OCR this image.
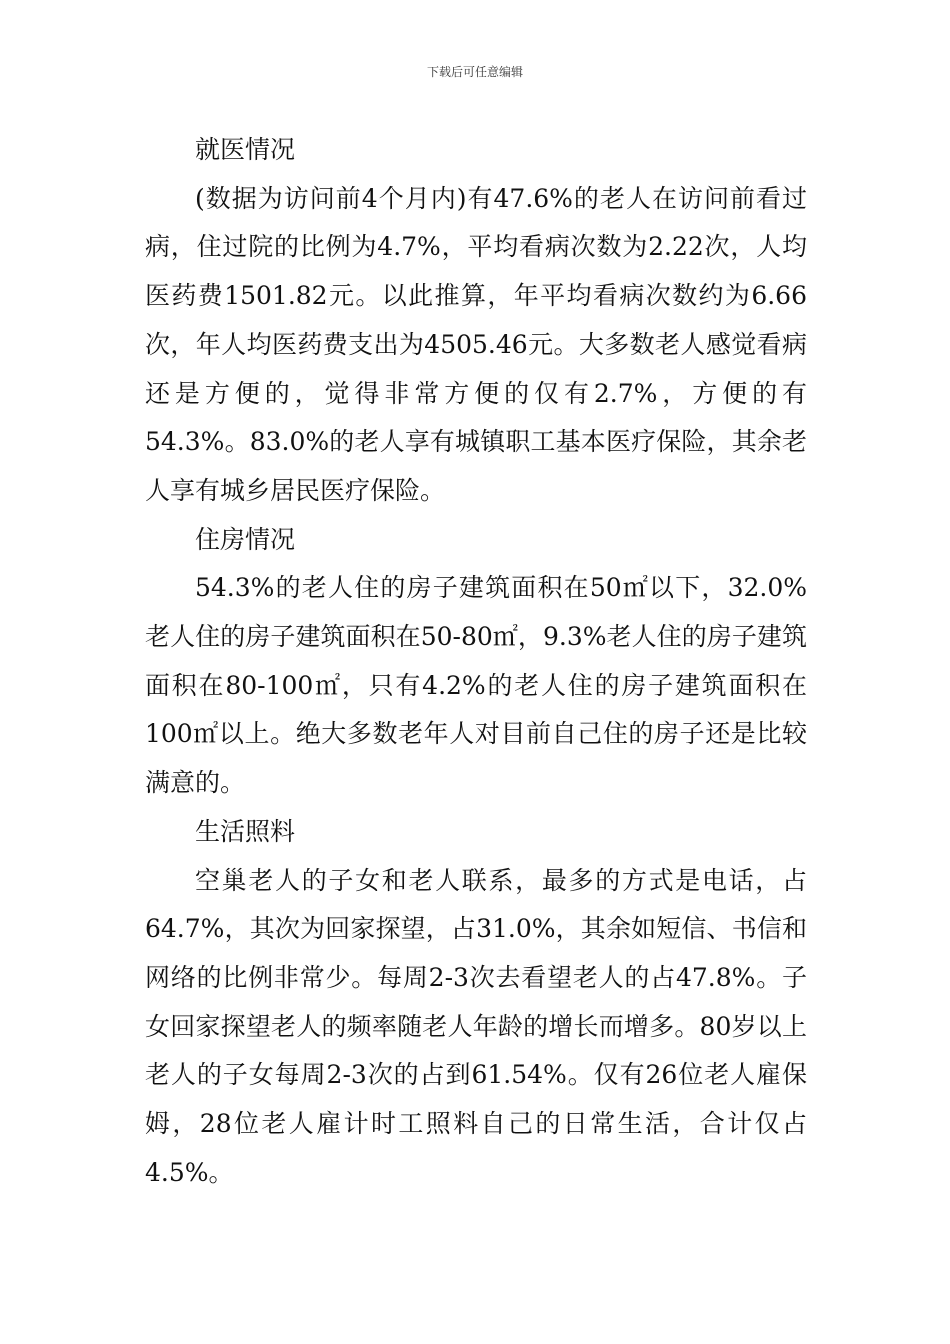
下载后可任意编辑

就医情况

(数据为访问前4个月内)有47.6%的老人在访问前看过病，住过院的比例为4.7%，平均看病次数为2.22次，人均医药费1501.82元。以此推算，年平均看病次数约为6.66次，年人均医药费支出为4505.46元。大多数老人感觉看病还是方便的，觉得非常方便的仅有2.7%，方便的有54.3%。83.0%的老人享有城镇职工基本医疗保险，其余老人享有城乡居民医疗保险。

住房情况

54.3%的老人住的房子建筑面积在50㎡以下，32.0%老人住的房子建筑面积在50-80㎡，9.3%老人住的房子建筑面积在80-100㎡，只有4.2%的老人住的房子建筑面积在100㎡以上。绝大多数老年人对目前自己住的房子还是比较满意的。

生活照料

空巢老人的子女和老人联系，最多的方式是电话，占64.7%，其次为回家探望，占31.0%，其余如短信、书信和网络的比例非常少。每周2-3次去看望老人的占47.8%。子女回家探望老人的频率随老人年龄的增长而增多。80岁以上老人的子女每周2-3次的占到61.54%。仅有26位老人雇保姆，28位老人雇计时工照料自己的日常生活，合计仅占4.5%。
